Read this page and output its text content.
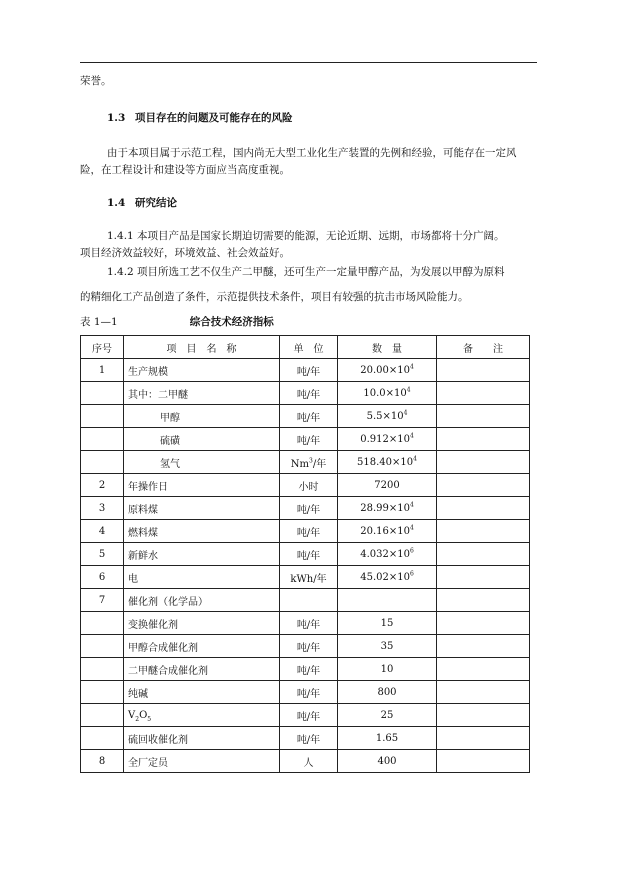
荣誉。
1.3 项目存在的问题及可能存在的风险
由于本项目属于示范工程，国内尚无大型工业化生产装置的先例和经验，可能存在一定风
险，在工程设计和建设等方面应当高度重视。
1.4 研究结论
1.4.1 本项目产品是国家长期迫切需要的能源，无论近期、远期，市场都将十分广阔。
项目经济效益较好，环境效益、社会效益好。
1.4.2 项目所选工艺不仅生产二甲醚，还可生产一定量甲醇产品，为发展以甲醇为原料
的精细化工产品创造了条件，示范提供技术条件，项目有较强的抗击市场风险能力。
表 1—1	综合技术经济指标
序号	项　目　名　称	单　位	数　量	备　　注
1	生产规模	吨/年	$20.00\times 10^4$	
	其中：二甲醚	吨/年	$10.0\times 10^4$	
	甲醇	吨/年	$5.5\times 10^4$	
	硫磺	吨/年	$0.912\times 10^4$	
	氢气	Nm$^3$/年	$518.40\times 10^4$	
2	年操作日	小时	7200	
3	原料煤	吨/年	$28.99\times 10^4$	
4	燃料煤	吨/年	$20.16\times 10^4$	
5	新鲜水	吨/年	$4.032\times 10^6$	
6	电	kWh/年	$45.02\times 10^6$	
7	催化剂（化学品）			
	变换催化剂	吨/年	15	
	甲醇合成催化剂	吨/年	35	
	二甲醚合成催化剂	吨/年	10	
	纯碱	吨/年	800	
	$V_2O_5$	吨/年	25	
	硫回收催化剂	吨/年	1.65	
8	全厂定员	人	400	
